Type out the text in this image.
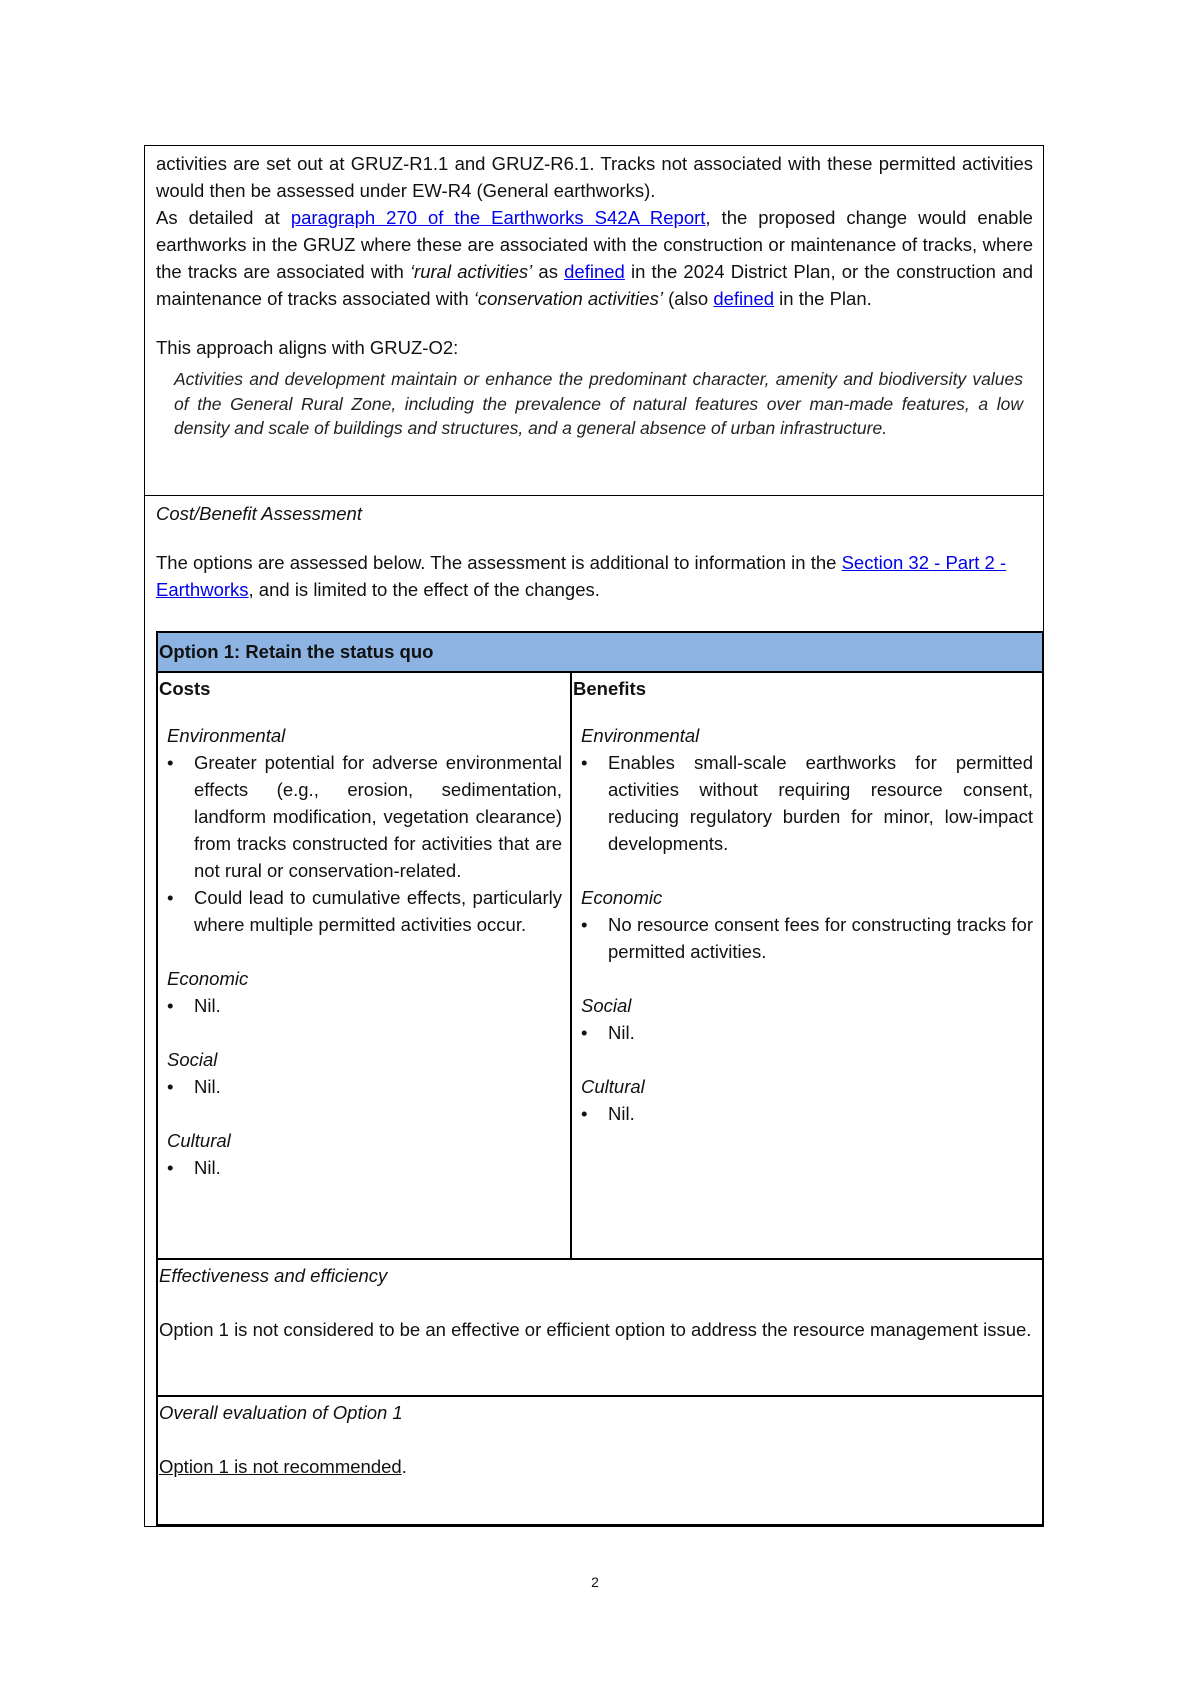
activities are set out at GRUZ-R1.1 and GRUZ-R6.1. Tracks not associated with these permitted activities would then be assessed under EW-R4 (General earthworks).

As detailed at paragraph 270 of the Earthworks S42A Report, the proposed change would enable earthworks in the GRUZ where these are associated with the construction or maintenance of tracks, where the tracks are associated with ‘rural activities’ as defined in the 2024 District Plan, or the construction and maintenance of tracks associated with ‘conservation activities’ (also defined in the Plan.

This approach aligns with GRUZ-O2:

Activities and development maintain or enhance the predominant character, amenity and biodiversity values of the General Rural Zone, including the prevalence of natural features over man-made features, a low density and scale of buildings and structures, and a general absence of urban infrastructure.

Cost/Benefit Assessment

The options are assessed below. The assessment is additional to information in the Section 32 - Part 2 - Earthworks, and is limited to the effect of the changes.

Option 1: Retain the status quo
Costs
Environmental
• Greater potential for adverse environmental effects (e.g., erosion, sedimentation, landform modification, vegetation clearance) from tracks constructed for activities that are not rural or conservation-related.
• Could lead to cumulative effects, particularly where multiple permitted activities occur.
Economic
• Nil.
Social
• Nil.
Cultural
• Nil.
Benefits
Environmental
• Enables small-scale earthworks for permitted activities without requiring resource consent, reducing regulatory burden for minor, low-impact developments.
Economic
• No resource consent fees for constructing tracks for permitted activities.
Social
• Nil.
Cultural
• Nil.
Effectiveness and efficiency
Option 1 is not considered to be an effective or efficient option to address the resource management issue.
Overall evaluation of Option 1
Option 1 is not recommended.
2
